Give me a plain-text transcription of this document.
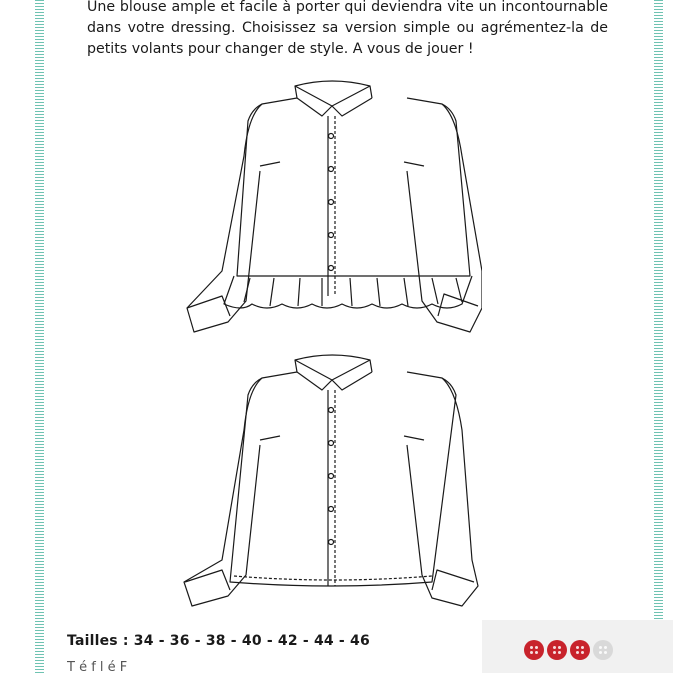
Une blouse ample et facile à porter qui deviendra vite un incontournable dans votre dressing. Choisissez sa version simple ou agrémentez-la de petits volants pour changer de style. A vous de jouer !

Tailles : 34 - 36 - 38 - 40 - 42 - 44 - 46

T é f l é F
